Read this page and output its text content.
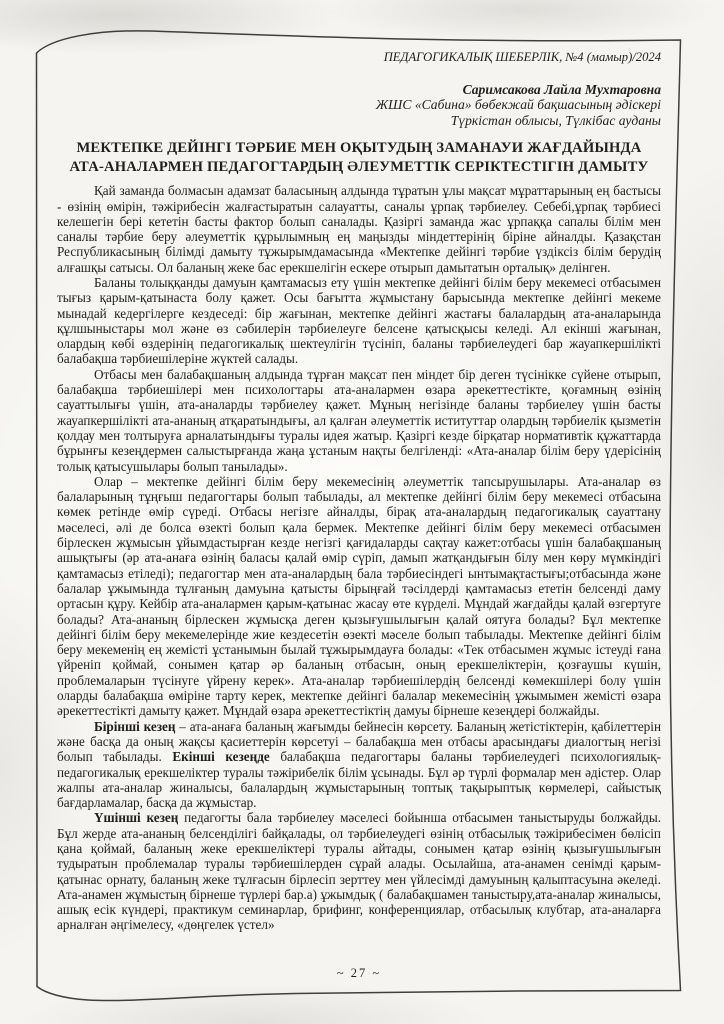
ПЕДАГОГИКАЛЫҚ ШЕБЕРЛІК, №4 (мамыр)/2024
Саримсакова Лайла Мухтаровна
ЖШС «Сабина» бөбекжай бақшасының әдіскері
Түркістан облысы, Түлкібас ауданы
МЕКТЕПКЕ ДЕЙІНГІ ТӘРБИЕ МЕН ОҚЫТУДЫҢ ЗАМАНАУИ ЖАҒДАЙЫНДА
АТА-АНАЛАРМЕН ПЕДАГОГТАРДЫҢ ӘЛЕУМЕТТІК СЕРІКТЕСТІГІН ДАМЫТУ

Қай заманда болмасын адамзат баласының алдында тұратын ұлы мақсат мұраттарының ең бастысы - өзінің өмірін, тәжірибесін жалғастыратын салауатты, саналы ұрпақ тәрбиелеу. Себебі,ұрпақ тәрбиесі келешегін бері кететін басты фактор болып саналады. Қазіргі заманда жас ұрпаққа сапалы білім мен саналы тәрбие беру әлеуметтік құрылымның ең маңызды міндеттерінің біріне айналды. Қазақстан Республикасының білімді дамыту тұжырымдамасында «Мектепке дейінгі тәрбие үздіксіз білім берудің алғашқы сатысы. Ол баланың жеке бас ерекшелігін ескере отырып дамытатын орталық» делінген.

Баланы толыққанды дамуын қамтамасыз ету үшін мектепке дейінгі білім беру мекемесі отбасымен тығыз қарым-қатынаста болу қажет. Осы бағытта жұмыстану барысында мектепке дейінгі мекеме мынадай кедергілерге кездеседі: бір жағынан, мектепке дейінгі жастағы балалардың ата-аналарында құлшыныстары мол және өз сәбилерін тәрбиелеуге белсене қатысқысы келеді. Ал екінші жағынан, олардың көбі өздерінің педагогикалық шектеулігін түсініп, баланы тәрбиелеудегі бар жауапкершілікті балабақша тәрбиешілеріне жүктей салады.

Отбасы мен балабақшаның алдында тұрған мақсат пен міндет бір деген түсінікке сүйене отырып, балабақша тәрбиешілері мен психологтары ата-аналармен өзара әрекеттестікте, қоғамның өзінің сауаттылығы үшін, ата-аналарды тәрбиелеу қажет. Мұның негізінде баланы тәрбиелеу үшін басты жауапкершілікті ата-ананың атқаратындығы, ал қалған әлеуметтік иституттар олардың тәрбиелік қызметін қолдау мен толтыруға арналатындығы туралы идея жатыр. Қазіргі кезде бірқатар нормативтік құжаттарда бұрынғы кезеңдермен салыстырғанда жаңа ұстаным нақты белгіленді: «Ата-аналар білім беру үдерісінің толық қатысушылары болып танылады».

Олар – мектепке дейінгі білім беру мекемесінің әлеуметтік тапсырушылары. Ата-аналар өз балаларының тұңғыш педагогтары болып табылады, ал мектепке дейінгі білім беру мекемесі отбасына көмек ретінде өмір сүреді. Отбасы негізге айналды, бірақ ата-аналардың педагогикалық сауаттану мәселесі, әлі де болса өзекті болып қала бермек. Мектепке дейінгі білім беру мекемесі отбасымен бірлескен жұмысын ұйымдастырған кезде негізгі қағидаларды сақтау кажет:отбасы үшін балабақшаның ашықтығы (әр ата-анаға өзінің баласы қалай өмір сүріп, дамып жатқандығын білу мен көру мүмкіндігі қамтамасыз етіледі); педагогтар мен ата-аналардың бала тәрбиесіндегі ынтымақтастығы;отбасында және балалар ұжымында тұлғаның дамуына қатысты бірыңғай тәсілдерді қамтамасыз ететін белсенді даму ортасын құру. Кейбір ата-аналармен қарым-қатынас жасау өте күрделі. Мұндай жағдайды қалай өзгертуге болады? Ата-ананың бірлескен жұмысқа деген қызығушылығын қалай оятуға болады? Бұл мектепке дейінгі білім беру мекемелерінде жие кездесетін өзекті мәселе болып табылады. Мектепке дейінгі білім беру мекеменің ең жемісті ұстанымын былай тұжырымдауға болады: «Тек отбасымен жұмыс істеуді ғана үйреніп қоймай, сонымен қатар әр баланың отбасын, оның ерекшеліктерін, қозғаушы күшін, проблемаларын түсінуге үйрену керек». Ата-аналар тәрбиешілердің белсенді көмекшілері болу үшін оларды балабақша өміріне тарту керек, мектепке дейінгі балалар мекемесінің ұжымымен жемісті өзара әрекеттестікті дамыту қажет. Мұндай өзара әрекеттестіктің дамуы бірнеше кезеңдері болжайды.

Бірінші кезең – ата-анаға баланың жағымды бейнесін көрсету. Баланың жетістіктерін, қабілеттерін және басқа да оның жақсы қасиеттерін көрсетуі – балабақша мен отбасы арасындағы диалогтың негізі болып табылады. Екінші кезеңде балабақша педагогтары баланы тәрбиелеудегі психологиялық-педагогикалық ерекшеліктер туралы тәжірибелік білім ұсынады. Бұл әр түрлі формалар мен әдістер. Олар жалпы ата-аналар жиналысы, балалардың жұмыстарының топтық тақырыптық көрмелері, сайыстық бағдарламалар, басқа да жұмыстар.

Үшінші кезең педагогты бала тәрбиелеу мәселесі бойынша отбасымен таныстыруды болжайды. Бұл жерде ата-ананың белсенділігі байқалады, ол тәрбиелеудегі өзінің отбасылық тәжірибесімен бөлісіп қана қоймай, баланың жеке ерекшеліктері туралы айтады, сонымен қатар өзінің қызығушылығын тудыратын проблемалар туралы тәрбиешілерден сұрай алады. Осылайша, ата-анамен сенімді қарым-қатынас орнату, баланың жеке тұлғасын бірлесіп зерттеу мен үйлесімді дамуының қалыптасуына әкеледі. Ата-анамен жұмыстың бірнеше түрлері бар.а) ұжымдық ( балабақшамен таныстыру,ата-аналар жиналысы, ашық есік күндері, практикум семинарлар, брифинг, конференциялар, отбасылық клубтар, ата-аналарға арналған әңгімелесу, «дөңгелек үстел»

~ 27 ~
